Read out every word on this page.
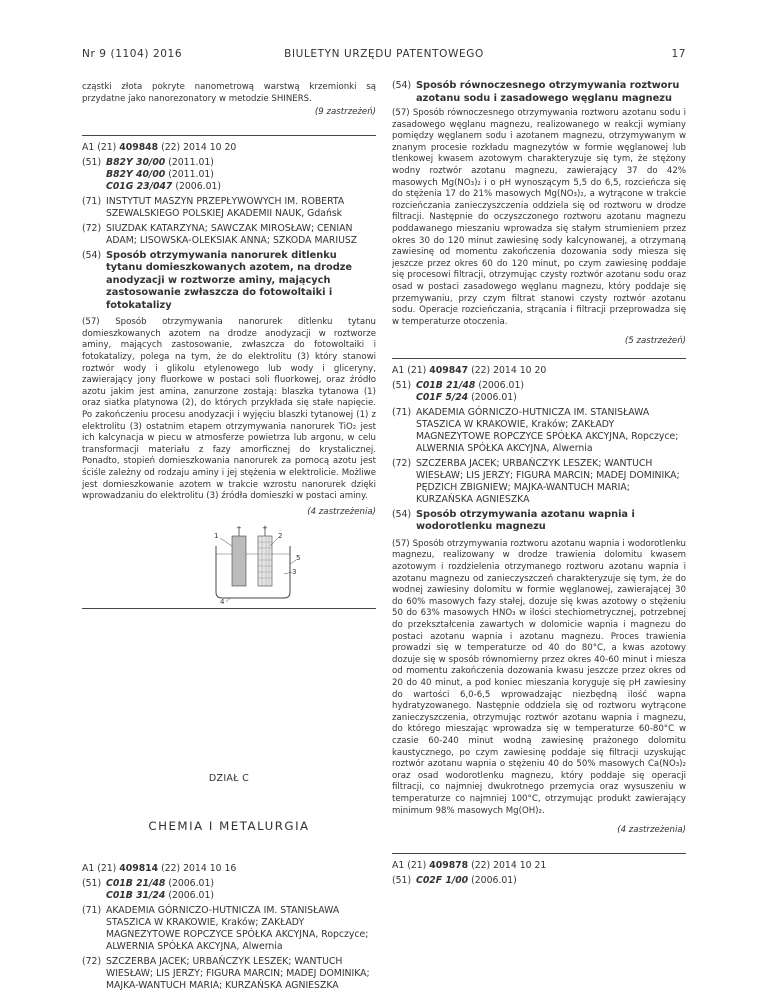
Nr 9 (1104) 2016	BIULETYN URZĘDU PATENTOWEGO	17
cząstki złota pokryte nanometrową warstwą krzemionki są przydatne jako nanorezonatory w metodzie SHINERS.
(9 zastrzeżeń)
A1 (21) 409848 (22) 2014 10 20
(51) B82Y 30/00 (2011.01)
B82Y 40/00 (2011.01)
C01G 23/047 (2006.01)
(71) INSTYTUT MASZYN PRZEPŁYWOWYCH IM. ROBERTA SZEWALSKIEGO POLSKIEJ AKADEMII NAUK, Gdańsk
(72) SIUZDAK KATARZYNA; SAWCZAK MIROSŁAW; CENIAN ADAM; LISOWSKA-OLEKSIAK ANNA; SZKODA MARIUSZ
(54) Sposób otrzymywania nanorurek ditlenku tytanu domieszkowanych azotem, na drodze anodyzacji w roztworze aminy, mających zastosowanie zwłaszcza do fotowoltaiki i fotokatalizy
(57) Sposób otrzymywania nanorurek ditlenku tytanu domieszkowanych azotem na drodze anodyzacji w roztworze aminy, mających zastosowanie, zwłaszcza do fotowoltaiki i fotokatalizy, polega na tym, że do elektrolitu (3) który stanowi roztwór wody i glikolu etylenowego lub wody i gliceryny, zawierający jony fluorkowe w postaci soli fluorkowej, oraz źródło azotu jakim jest amina, zanurzone zostają: blaszka tytanowa (1) oraz siatka platynowa (2), do których przykłada się stałe napięcie. Po zakończeniu procesu anodyzacji i wyjęciu blaszki tytanowej (1) z elektrolitu (3) ostatnim etapem otrzymywania nanorurek TiO₂ jest ich kalcynacja w piecu w atmosferze powietrza lub argonu, w celu transformacji materiału z fazy amorficznej do krystalicznej. Ponadto, stopień domieszkowania nanorurek za pomocą azotu jest ściśle zależny od rodzaju aminy i jej stężenia w elektrolicie. Możliwe jest domieszkowanie azotem w trakcie wzrostu nanorurek dzięki wprowadzaniu do elektrolitu (3) źródła domieszki w postaci aminy.
(4 zastrzeżenia)
1	2
5
3
4
−	+
DZIAŁ C
CHEMIA I METALURGIA
A1 (21) 409814 (22) 2014 10 16
(51) C01B 21/48 (2006.01)
C01B 31/24 (2006.01)
(71) AKADEMIA GÓRNICZO-HUTNICZA IM. STANISŁAWA STASZICA W KRAKOWIE, Kraków; ZAKŁADY MAGNEZYTOWE ROPCZYCE SPÓŁKA AKCYJNA, Ropczyce; ALWERNIA SPÓŁKA AKCYJNA, Alwernia
(72) SZCZERBA JACEK; URBAŃCZYK LESZEK; WANTUCH WIESŁAW; LIS JERZY; FIGURA MARCIN; MADEJ DOMINIKA; MAJKA-WANTUCH MARIA; KURZAŃSKA AGNIESZKA
(54) Sposób równoczesnego otrzymywania roztworu azotanu sodu i zasadowego węglanu magnezu
(57) Sposób równoczesnego otrzymywania roztworu azotanu sodu i zasadowego węglanu magnezu, realizowanego w reakcji wymiany pomiędzy węglanem sodu i azotanem magnezu, otrzymywanym w znanym procesie rozkładu magnezytów w formie węglanowej lub tlenkowej kwasem azotowym charakteryzuje się tym, że stężony wodny roztwór azotanu magnezu, zawierający 37 do 42% masowych Mg(NO₃)₂ i o pH wynoszącym 5,5 do 6,5, rozcieńcza się do stężenia 17 do 21% masowych Mg(NO₃)₂, a wytrącone w trakcie rozcieńczania zanieczyszczenia oddziela się od roztworu w drodze filtracji. Następnie do oczyszczonego roztworu azotanu magnezu poddawanego mieszaniu wprowadza się stałym strumieniem przez okres 30 do 120 minut zawiesinę sody kalcynowanej, a otrzymaną zawiesinę od momentu zakończenia dozowania sody miesza się jeszcze przez okres 60 do 120 minut, po czym zawiesinę poddaje się procesowi filtracji, otrzymując czysty roztwór azotanu sodu oraz osad w postaci zasadowego węglanu magnezu, który poddaje się przemywaniu, przy czym filtrat stanowi czysty roztwór azotanu sodu. Operacje rozcieńczania, strącania i filtracji przeprowadza się w temperaturze otoczenia.
(5 zastrzeżeń)
A1 (21) 409847 (22) 2014 10 20
(51) C01B 21/48 (2006.01)
C01F 5/24 (2006.01)
(71) AKADEMIA GÓRNICZO-HUTNICZA IM. STANISŁAWA STASZICA W KRAKOWIE, Kraków; ZAKŁADY MAGNEZYTOWE ROPCZYCE SPÓŁKA AKCYJNA, Ropczyce; ALWERNIA SPÓŁKA AKCYJNA, Alwernia
(72) SZCZERBA JACEK; URBAŃCZYK LESZEK; WANTUCH WIESŁAW; LIS JERZY; FIGURA MARCIN; MADEJ DOMINIKA; PĘDZICH ZBIGNIEW; MAJKA-WANTUCH MARIA; KURZAŃSKA AGNIESZKA
(54) Sposób otrzymywania azotanu wapnia i wodorotlenku magnezu
(57) Sposób otrzymywania roztworu azotanu wapnia i wodorotlenku magnezu, realizowany w drodze trawienia dolomitu kwasem azotowym i rozdzielenia otrzymanego roztworu azotanu wapnia i azotanu magnezu od zanieczyszczeń charakteryzuje się tym, że do wodnej zawiesiny dolomitu w formie węglanowej, zawierającej 30 do 60% masowych fazy stałej, dozuje się kwas azotowy o stężeniu 50 do 63% masowych HNO₃ w ilości stechiometrycznej, potrzebnej do przekształcenia zawartych w dolomicie wapnia i magnezu do postaci azotanu wapnia i azotanu magnezu. Proces trawienia prowadzi się w temperaturze od 40 do 80°C, a kwas azotowy dozuje się w sposób równomierny przez okres 40-60 minut i miesza od momentu zakończenia dozowania kwasu jeszcze przez okres od 20 do 40 minut, a pod koniec mieszania koryguje się pH zawiesiny do wartości 6,0-6,5 wprowadzając niezbędną ilość wapna hydratyzowanego. Następnie oddziela się od roztworu wytrącone zanieczyszczenia, otrzymując roztwór azotanu wapnia i magnezu, do którego mieszając wprowadza się w temperaturze 60-80°C w czasie 60-240 minut wodną zawiesinę prażonego dolomitu kaustycznego, po czym zawiesinę poddaje się filtracji uzyskując roztwór azotanu wapnia o stężeniu 40 do 50% masowych Ca(NO₃)₂ oraz osad wodorotlenku magnezu, który poddaje się operacji filtracji, co najmniej dwukrotnego przemycia oraz wysuszeniu w temperaturze co najmniej 100°C, otrzymując produkt zawierający minimum 98% masowych Mg(OH)₂.
(4 zastrzeżenia)
A1 (21) 409878 (22) 2014 10 21
(51) C02F 1/00 (2006.01)
